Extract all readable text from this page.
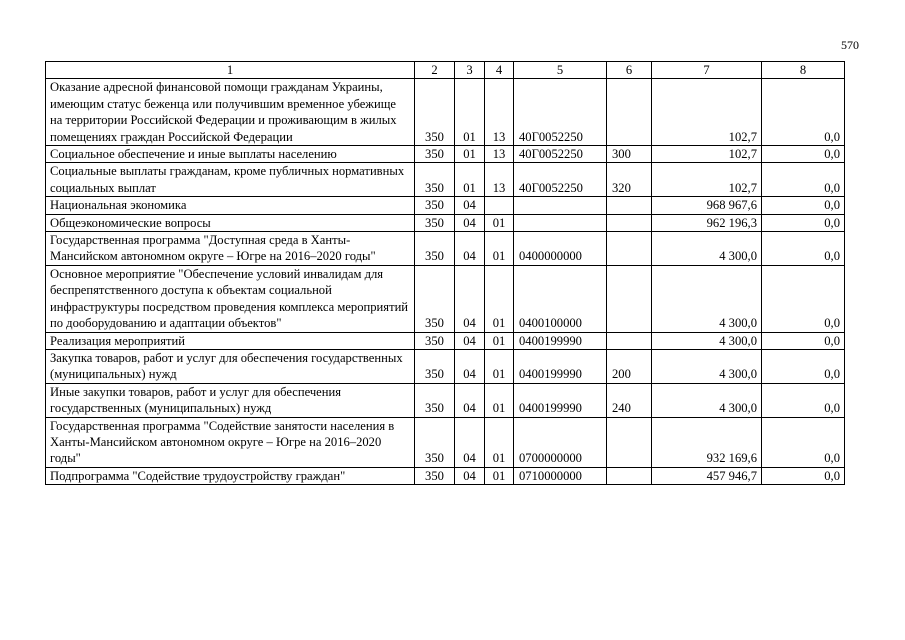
570
1	2	3	4	5	6	7	8
Оказание адресной финансовой помощи гражданам Украины, имеющим статус беженца или получившим временное убежище на территории Российской Федерации и проживающим в жилых помещениях граждан Российской Федерации	350	01	13	40Г0052250		102,7	0,0
Социальное обеспечение и иные выплаты населению	350	01	13	40Г0052250	300	102,7	0,0
Социальные выплаты гражданам, кроме публичных нормативных социальных выплат	350	01	13	40Г0052250	320	102,7	0,0
Национальная экономика	350	04				968 967,6	0,0
Общеэкономические вопросы	350	04	01			962 196,3	0,0
Государственная программа "Доступная среда в Ханты-Мансийском автономном округе – Югре на 2016–2020 годы"	350	04	01	0400000000		4 300,0	0,0
Основное мероприятие "Обеспечение условий инвалидам для беспрепятственного доступа к объектам социальной инфраструктуры посредством проведения комплекса мероприятий по дооборудованию и адаптации объектов"	350	04	01	0400100000		4 300,0	0,0
Реализация мероприятий	350	04	01	0400199990		4 300,0	0,0
Закупка товаров, работ и услуг для обеспечения государственных (муниципальных) нужд	350	04	01	0400199990	200	4 300,0	0,0
Иные закупки товаров, работ и услуг для обеспечения государственных (муниципальных) нужд	350	04	01	0400199990	240	4 300,0	0,0
Государственная программа "Содействие занятости населения в Ханты-Мансийском автономном округе – Югре на 2016–2020 годы"	350	04	01	0700000000		932 169,6	0,0
Подпрограмма "Содействие трудоустройству граждан"	350	04	01	0710000000		457 946,7	0,0
